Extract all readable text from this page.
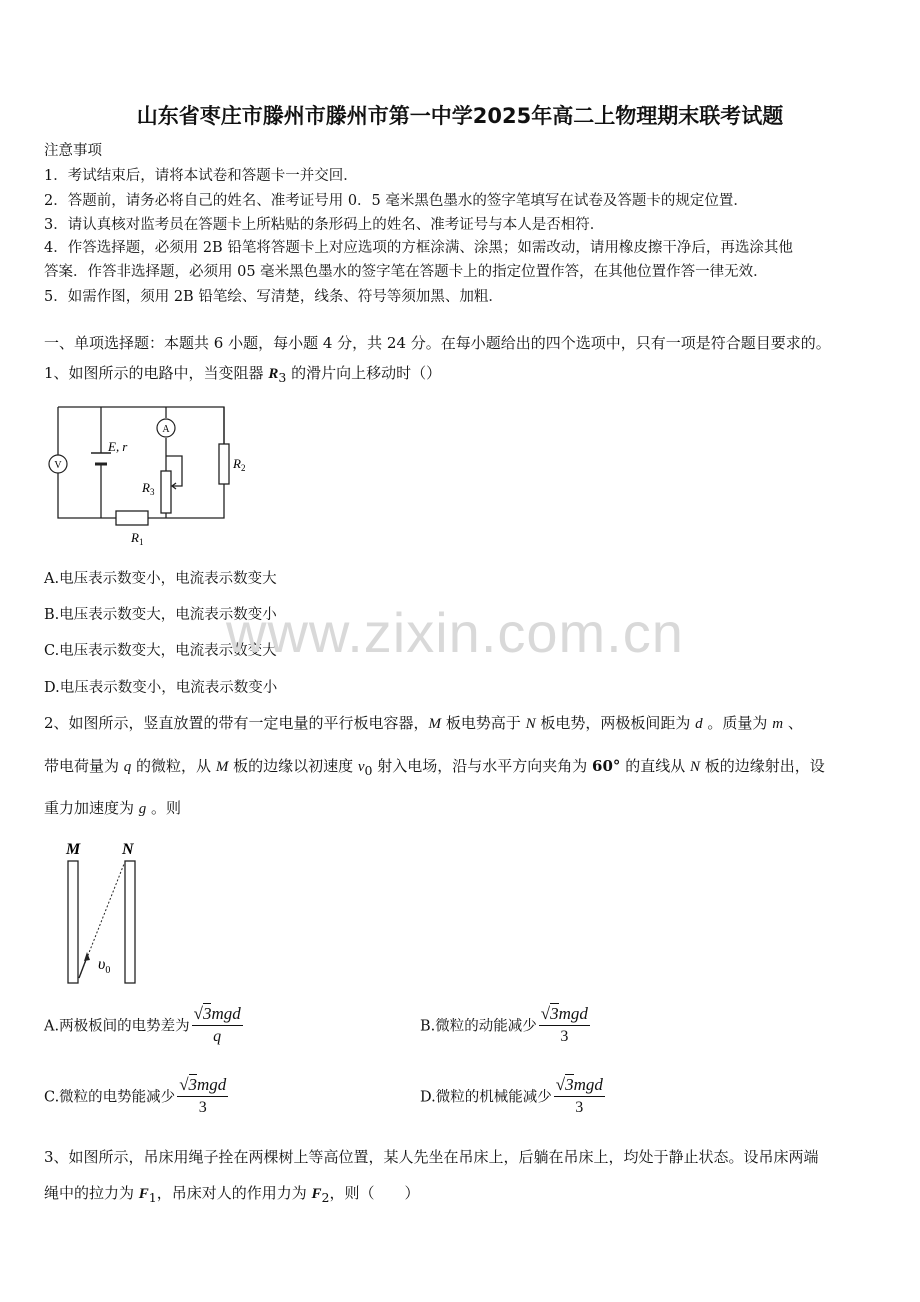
山东省枣庄市滕州市滕州市第一中学2025年高二上物理期末联考试题
注意事项
1．考试结束后，请将本试卷和答题卡一并交回．
2．答题前，请务必将自己的姓名、准考证号用 0．5 毫米黑色墨水的签字笔填写在试卷及答题卡的规定位置．
3．请认真核对监考员在答题卡上所粘贴的条形码上的姓名、准考证号与本人是否相符．
4．作答选择题，必须用 2B 铅笔将答题卡上对应选项的方框涂满、涂黑；如需改动，请用橡皮擦干净后，再选涂其他
答案．作答非选择题，必须用 05 毫米黑色墨水的签字笔在答题卡上的指定位置作答，在其他位置作答一律无效．
5．如需作图，须用 2B 铅笔绘、写清楚，线条、符号等须加黑、加粗．
一、单项选择题：本题共 6 小题，每小题 4 分，共 24 分。在每小题给出的四个选项中，只有一项是符合题目要求的。
1、如图所示的电路中，当变阻器 $R_3$ 的滑片向上移动时（）
V
A
E, r
$R_3$
$R_2$
$R_1$
A.电压表示数变小，电流表示数变大
B.电压表示数变大，电流表示数变小
C.电压表示数变大，电流表示数变大
D.电压表示数变小，电流表示数变小
www.zixin.com.cn
2、如图所示，竖直放置的带有一定电量的平行板电容器，M 板电势高于 N 板电势，两极板间距为 d 。质量为 m 、
带电荷量为 q 的微粒，从 M 板的边缘以初速度 $v_0$ 射入电场，沿与水平方向夹角为 60° 的直线从 N 板的边缘射出，设
重力加速度为 g 。则
M	N
$\upsilon_0$
A.两极板间的电势差为 $\frac{\text{√3mgd}}{q}$	B.微粒的动能减少 $\frac{\text{√3mgd}}{3}$
C.微粒的电势能减少 $\frac{\text{√3mgd}}{3}$	D.微粒的机械能减少 $\frac{\text{√3mgd}}{3}$
3、如图所示，吊床用绳子拴在两棵树上等高位置，某人先坐在吊床上，后躺在吊床上，均处于静止状态。设吊床两端
绳中的拉力为 $F_1$，吊床对人的作用力为 $F_2$，则（　　）
